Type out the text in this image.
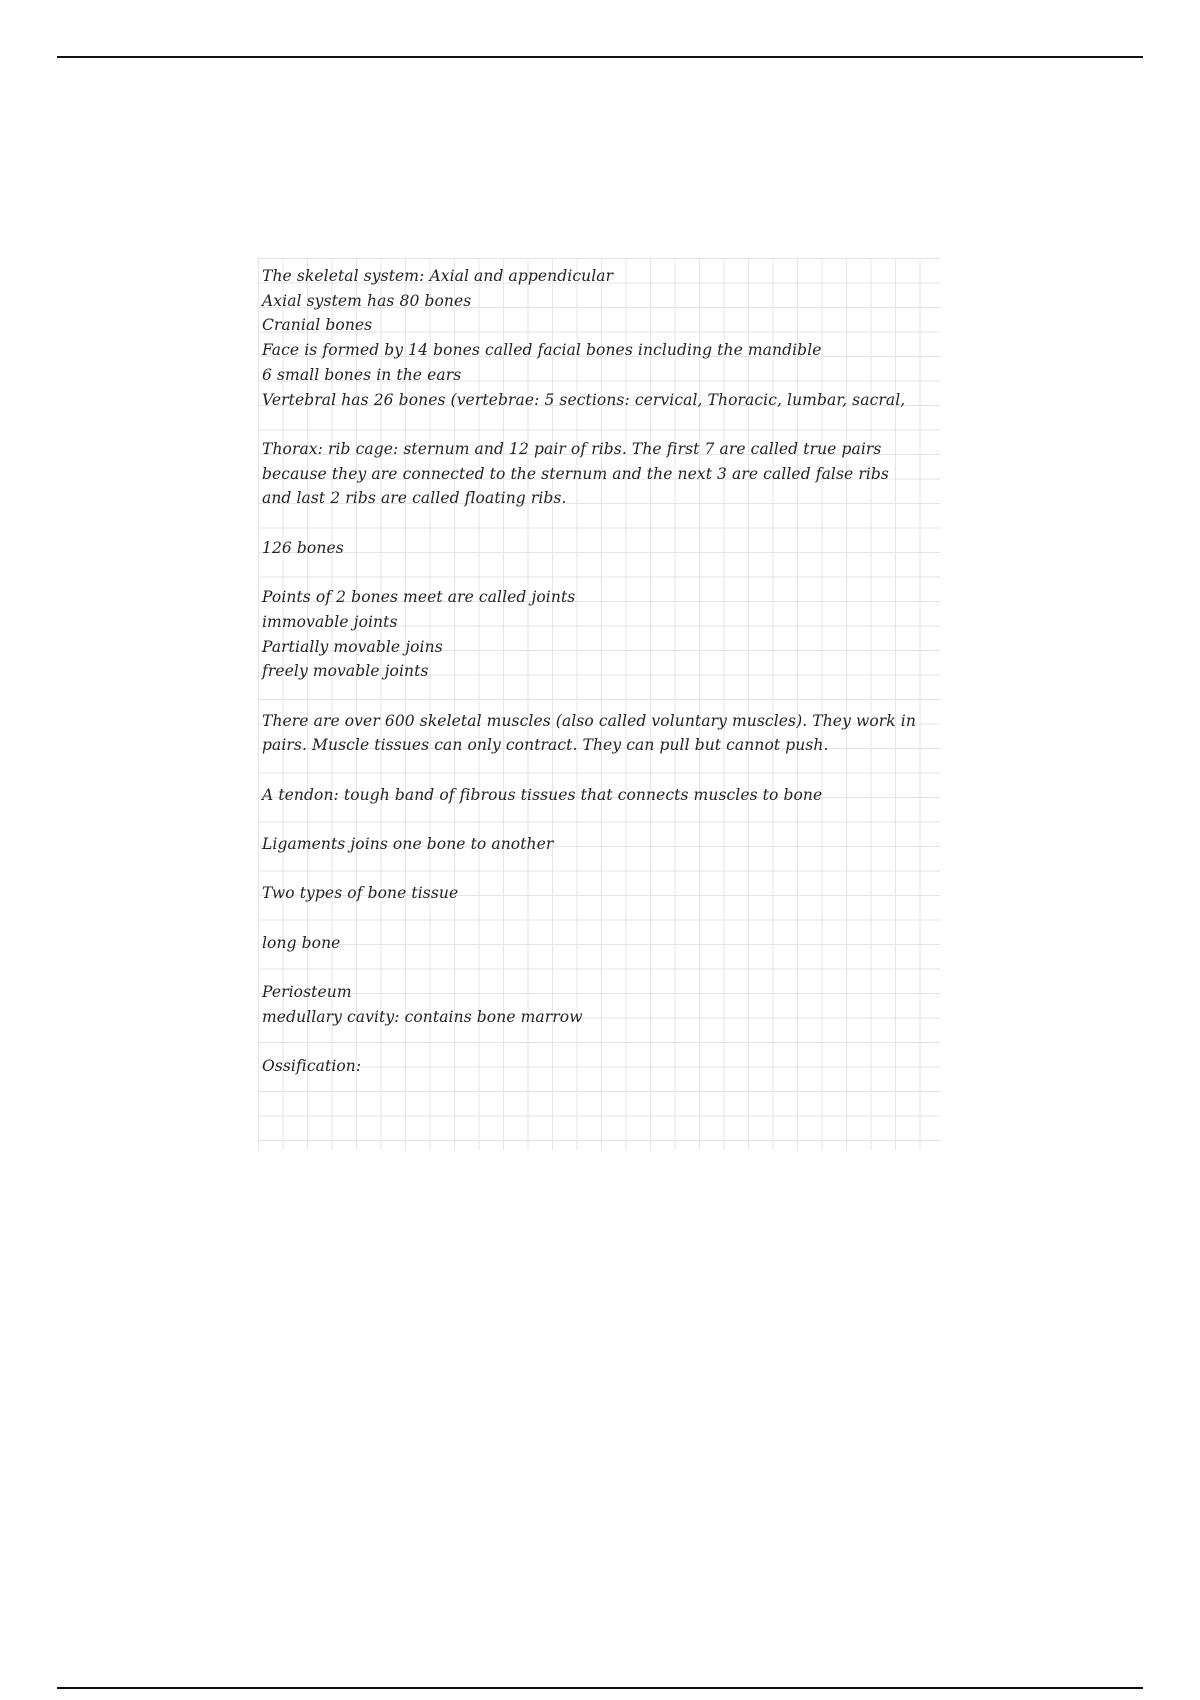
The skeletal system: Axial and appendicular
Axial system has 80 bones
Cranial bones
Face is formed by 14 bones called facial bones including the mandible
6 small bones in the ears
Vertebral has 26 bones (vertebrae: 5 sections: cervical, Thoracic, lumbar, sacral,
Thorax: rib cage: sternum and 12 pair of ribs. The first 7 are called true pairs because they are connected to the sternum and the next 3 are called false ribs and last 2 ribs are called floating ribs.
126 bones
Points of 2 bones meet are called joints
immovable joints
Partially movable joins
freely movable joints
There are over 600 skeletal muscles (also called voluntary muscles). They work in pairs. Muscle tissues can only contract. They can pull but cannot push.
A tendon: tough band of fibrous tissues that connects muscles to bone
Ligaments joins one bone to another
Two types of bone tissue
long bone
Periosteum
medullary cavity: contains bone marrow
Ossification:
